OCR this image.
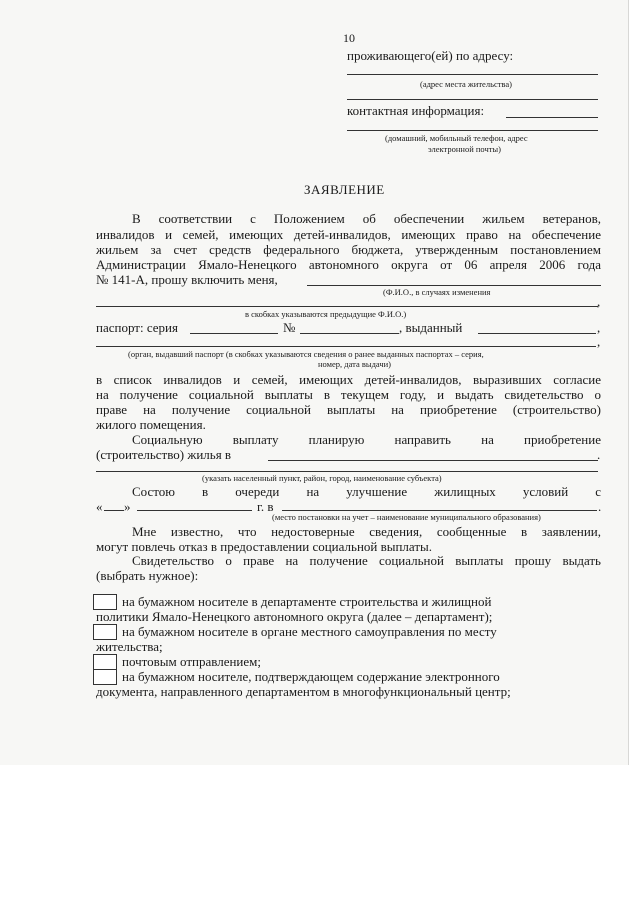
10
проживающего(ей) по адресу:
(адрес места жительства)
контактная информация:
(домашний, мобильный телефон, адрес
электронной почты)
ЗАЯВЛЕНИЕ
В соответствии с Положением об обеспечении жильем ветеранов,
инвалидов и семей, имеющих детей-инвалидов, имеющих право на обеспечение
жильем за счет средств федерального бюджета, утвержденным постановлением
Администрации Ямало-Ненецкого автономного округа от 06 апреля 2006 года
№ 141-А, прошу включить меня,
(Ф.И.О., в случаях изменения
,
в скобках указываются предыдущие Ф.И.О.)
паспорт: серия	№	, выданный	,
,
(орган, выдавший паспорт (в скобках указываются сведения о ранее выданных паспортах – серия,
номер, дата выдачи)
в список инвалидов и семей, имеющих детей-инвалидов, выразивших согласие
на получение социальной выплаты в текущем году, и выдать свидетельство о
праве на получение социальной выплаты на приобретение (строительство)
жилого помещения.
Социальную выплату планирую направить на приобретение
(строительство) жилья в	.
(указать населенный пункт, район, город, наименование субъекта)
Состою в очереди на улучшение жилищных условий с
« »	г. в	.
(место постановки на учет – наименование муниципального образования)
Мне известно, что недостоверные сведения, сообщенные в заявлении,
могут повлечь отказ в предоставлении социальной выплаты.
Свидетельство о праве на получение социальной выплаты прошу выдать
(выбрать нужное):
на бумажном носителе в департаменте строительства и жилищной
политики Ямало-Ненецкого автономного округа (далее – департамент);
на бумажном носителе в органе местного самоуправления по месту
жительства;
почтовым отправлением;
на бумажном носителе, подтверждающем содержание электронного
документа, направленного департаментом в многофункциональный центр;
